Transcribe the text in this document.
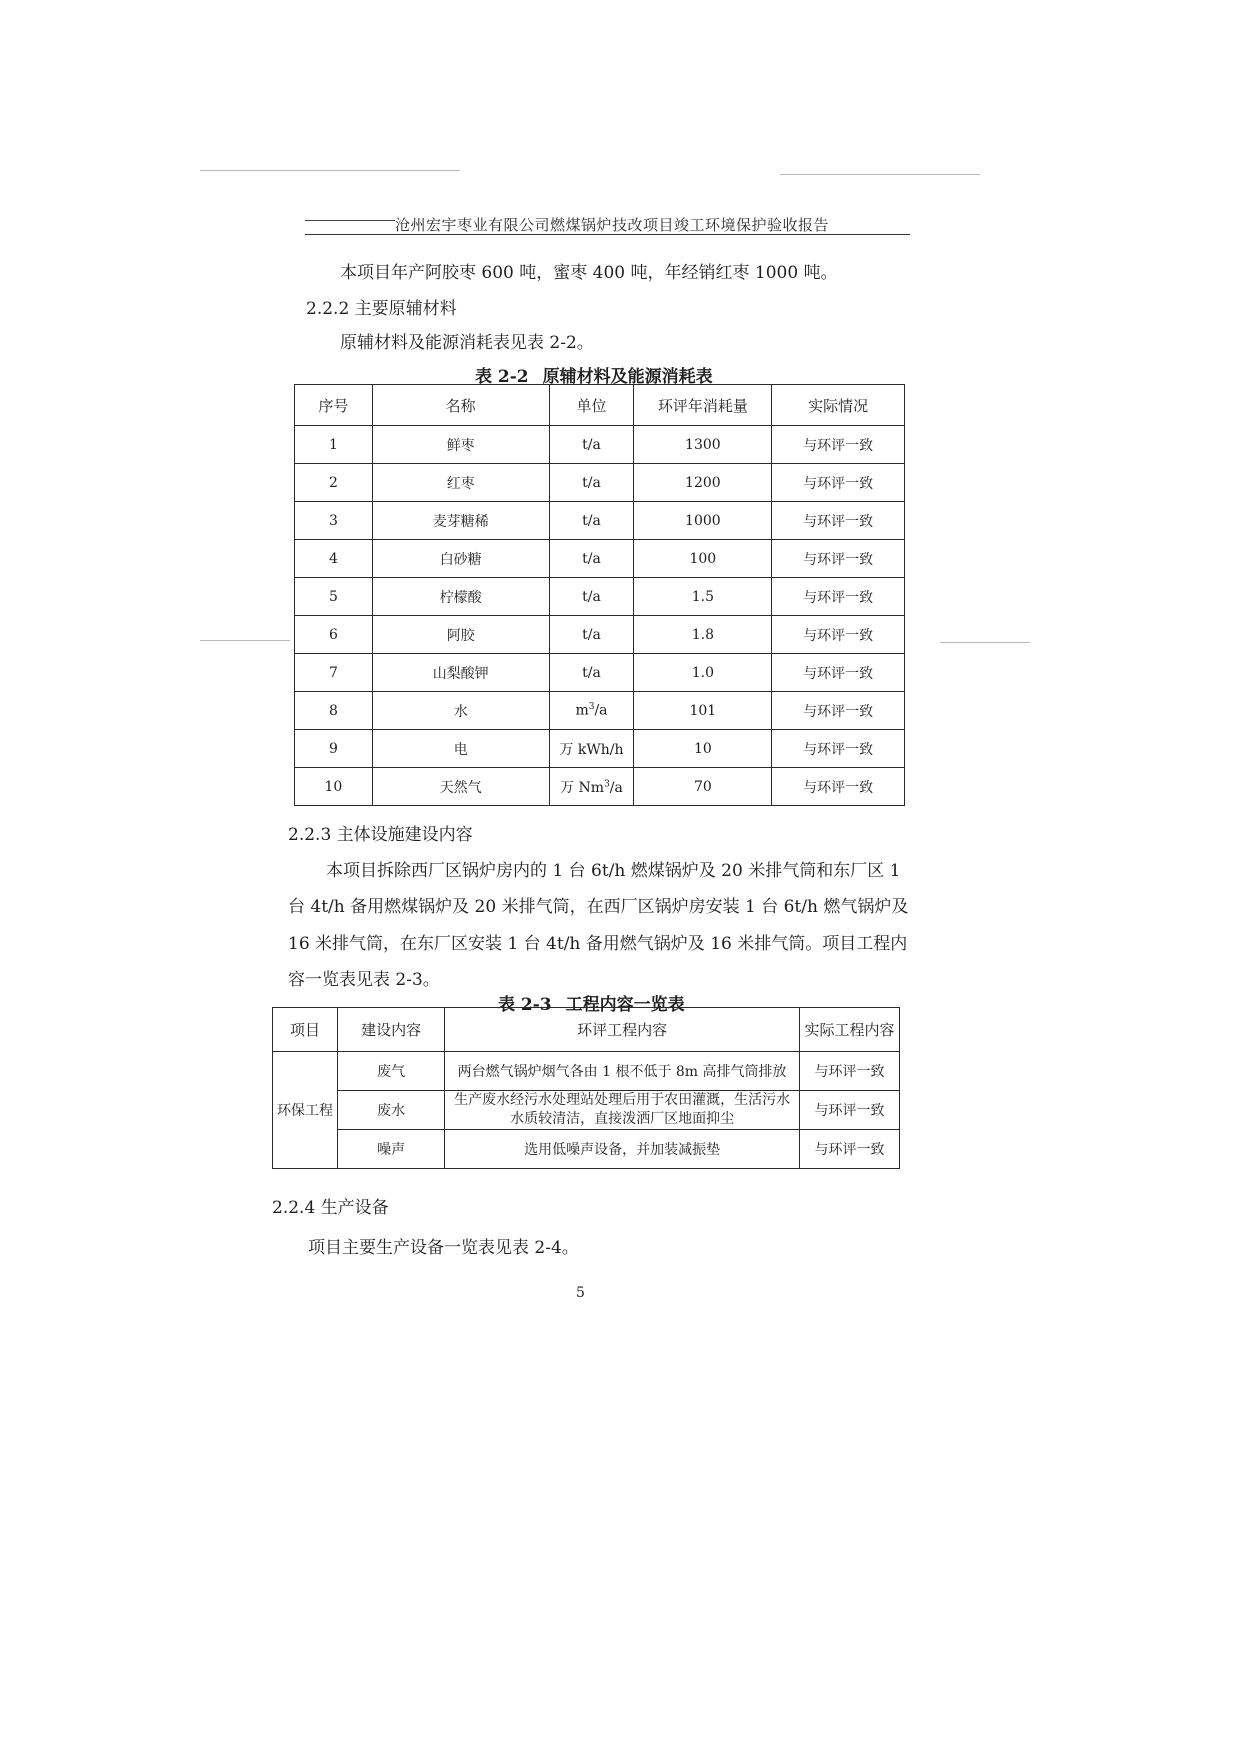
沧州宏宇枣业有限公司燃煤锅炉技改项目竣工环境保护验收报告
本项目年产阿胶枣 600 吨，蜜枣 400 吨，年经销红枣 1000 吨。
2.2.2 主要原辅材料
原辅材料及能源消耗表见表 2-2。
表 2-2 原辅材料及能源消耗表
序号	名称	单位	环评年消耗量	实际情况
1	鲜枣	t/a	1300	与环评一致
2	红枣	t/a	1200	与环评一致
3	麦芽糖稀	t/a	1000	与环评一致
4	白砂糖	t/a	100	与环评一致
5	柠檬酸	t/a	1.5	与环评一致
6	阿胶	t/a	1.8	与环评一致
7	山梨酸钾	t/a	1.0	与环评一致
8	水	$m^3/a$	101	与环评一致
9	电	万 kWh/h	10	与环评一致
10	天然气	万 Nm$^3$/a	70	与环评一致
2.2.3 主体设施建设内容
本项目拆除西厂区锅炉房内的 1 台 6t/h 燃煤锅炉及 20 米排气筒和东厂区 1
台 4t/h 备用燃煤锅炉及 20 米排气筒，在西厂区锅炉房安装 1 台 6t/h 燃气锅炉及
16 米排气筒，在东厂区安装 1 台 4t/h 备用燃气锅炉及 16 米排气筒。项目工程内
容一览表见表 2-3。
表 2-3 工程内容一览表
项目	建设内容	环评工程内容	实际工程内容
环保工程	废气	两台燃气锅炉烟气各由 1 根不低于 8m 高排气筒排放	与环评一致
	废水	生产废水经污水处理站处理后用于农田灌溉，生活污水水质较清洁，直接泼洒厂区地面抑尘	与环评一致
	噪声	选用低噪声设备，并加装减振垫	与环评一致
2.2.4 生产设备
项目主要生产设备一览表见表 2-4。
5
